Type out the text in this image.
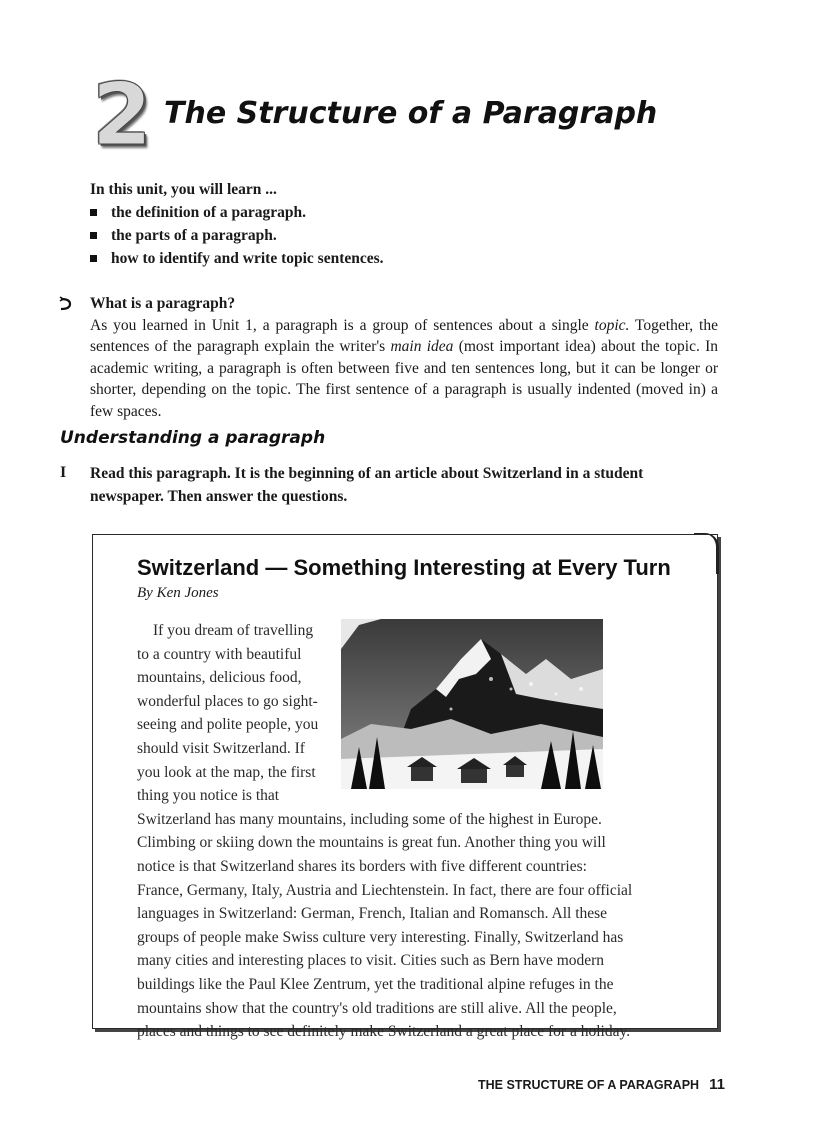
2 The Structure of a Paragraph
In this unit, you will learn ...
the definition of a paragraph.
the parts of a paragraph.
how to identify and write topic sentences.
What is a paragraph?

As you learned in Unit 1, a paragraph is a group of sentences about a single topic. Together, the sentences of the paragraph explain the writer's main idea (most important idea) about the topic. In academic writing, a paragraph is often between five and ten sentences long, but it can be longer or shorter, depending on the topic. The first sentence of a paragraph is usually indented (moved in) a few spaces.

Understanding a paragraph
I Read this paragraph. It is the beginning of an article about Switzerland in a student newspaper. Then answer the questions.
Switzerland — Something Interesting at Every Turn
By Ken Jones
If you dream of travelling
to a country with beautiful
mountains, delicious food,
wonderful places to go sight-
seeing and polite people, you
should visit Switzerland. If
you look at the map, the first
thing you notice is that
Switzerland has many mountains, including some of the highest in Europe.
Climbing or skiing down the mountains is great fun. Another thing you will
notice is that Switzerland shares its borders with five different countries:
France, Germany, Italy, Austria and Liechtenstein. In fact, there are four official
languages in Switzerland: German, French, Italian and Romansch. All these
groups of people make Swiss culture very interesting. Finally, Switzerland has
many cities and interesting places to visit. Cities such as Bern have modern
buildings like the Paul Klee Zentrum, yet the traditional alpine refuges in the
mountains show that the country's old traditions are still alive. All the people,
places and things to see definitely make Switzerland a great place for a holiday.
THE STRUCTURE OF A PARAGRAPH 11
